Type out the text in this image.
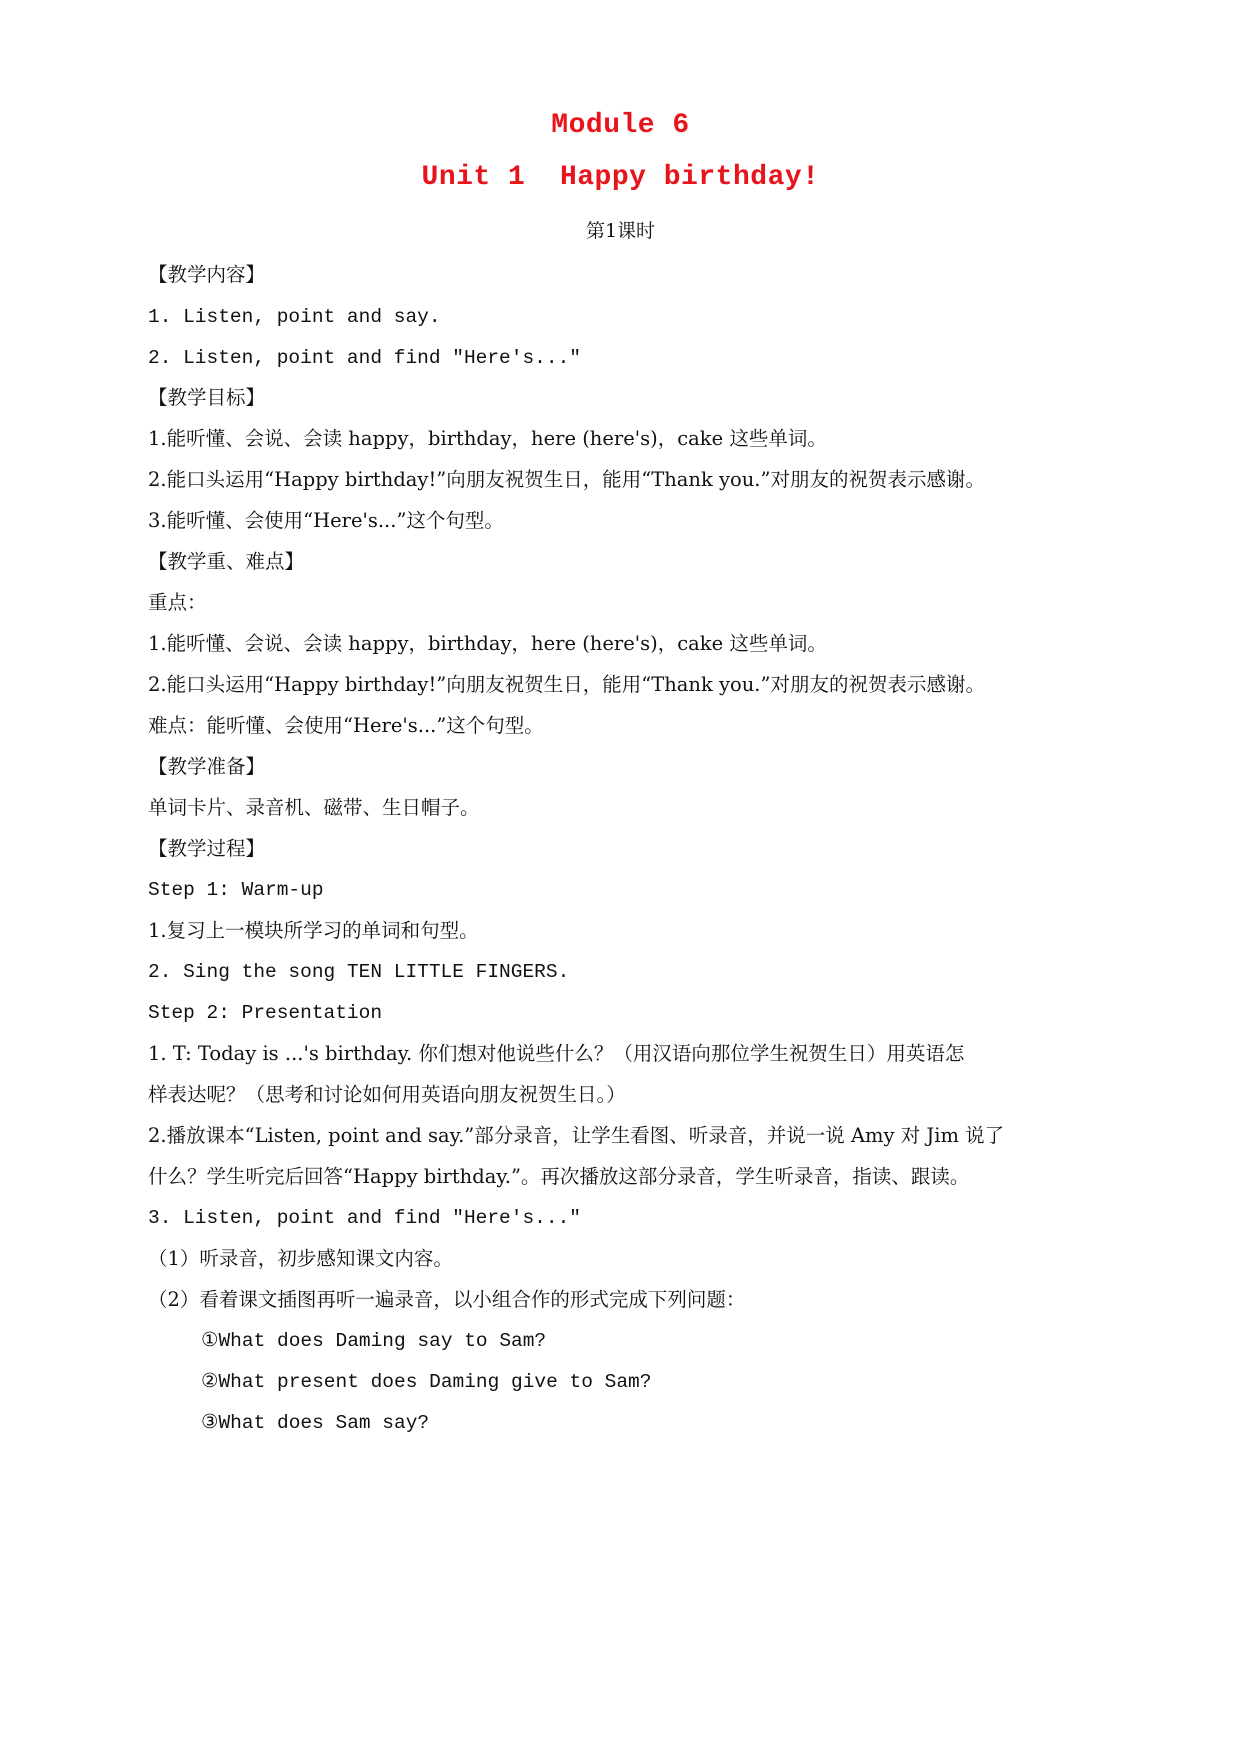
Module 6
Unit 1  Happy birthday!
第1课时
【教学内容】
1. Listen, point and say.
2. Listen, point and find "Here's..."
【教学目标】
1.能听懂、会说、会读 happy，birthday，here (here's)，cake 这些单词。
2.能口头运用“Happy birthday!”向朋友祝贺生日，能用“Thank you.”对朋友的祝贺表示感谢。
3.能听懂、会使用“Here's...”这个句型。
【教学重、难点】
重点：
1.能听懂、会说、会读 happy，birthday，here (here's)，cake 这些单词。
2.能口头运用“Happy birthday!”向朋友祝贺生日，能用“Thank you.”对朋友的祝贺表示感谢。
难点：能听懂、会使用“Here's...”这个句型。
【教学准备】
单词卡片、录音机、磁带、生日帽子。
【教学过程】
Step 1: Warm-up
1.复习上一模块所学习的单词和句型。
2. Sing the song TEN LITTLE FINGERS.
Step 2: Presentation
1. T: Today is ...'s birthday. 你们想对他说些什么？（用汉语向那位学生祝贺生日）用英语怎
样表达呢？（思考和讨论如何用英语向朋友祝贺生日。）
2.播放课本“Listen, point and say.”部分录音，让学生看图、听录音，并说一说 Amy 对 Jim 说了
什么？学生听完后回答“Happy birthday.”。再次播放这部分录音，学生听录音，指读、跟读。
3. Listen, point and find "Here's..."
（1）听录音，初步感知课文内容。
（2）看着课文插图再听一遍录音，以小组合作的形式完成下列问题：
①What does Daming say to Sam?
②What present does Daming give to Sam?
③What does Sam say?
